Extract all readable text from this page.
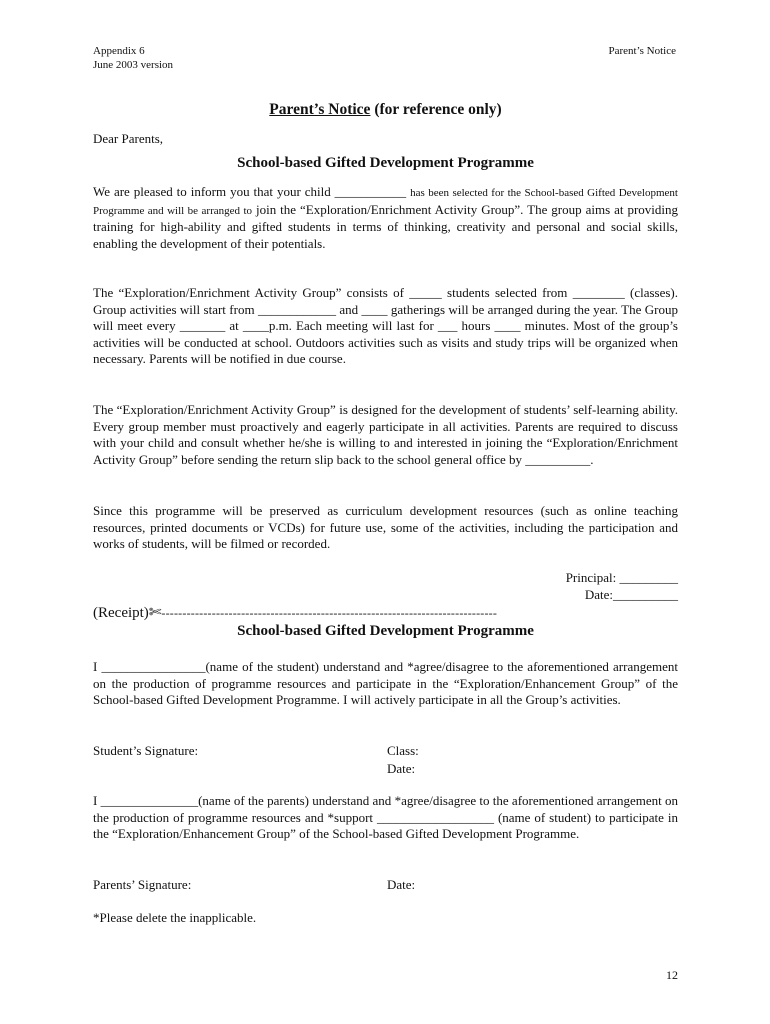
Appendix 6
June 2003 version
Parent’s Notice
Parent’s Notice (for reference only)
Dear Parents,
School-based Gifted Development Programme
We are pleased to inform you that your child ___________ has been selected for the School-based Gifted Development Programme and will be arranged to join the “Exploration/Enrichment Activity Group”. The group aims at providing training for high-ability and gifted students in terms of thinking, creativity and personal and social skills, enabling the development of their potentials.
The “Exploration/Enrichment Activity Group” consists of _____ students selected from ________ (classes). Group activities will start from ____________ and ____ gatherings will be arranged during the year. The Group will meet every _______ at ____p.m. Each meeting will last for ___ hours ____ minutes. Most of the group’s activities will be conducted at school. Outdoors activities such as visits and study trips will be organized when necessary. Parents will be notified in due course.
The “Exploration/Enrichment Activity Group” is designed for the development of students’ self-learning ability. Every group member must proactively and eagerly participate in all activities. Parents are required to discuss with your child and consult whether he/she is willing to and interested in joining the “Exploration/Enrichment Activity Group” before sending the return slip back to the school general office by __________.
Since this programme will be preserved as curriculum development resources (such as online teaching resources, printed documents or VCDs) for future use, some of the activities, including the participation and works of students, will be filmed or recorded.
Principal: _________
Date:__________
(Receipt)✄--------------------------------------------------------------------------------
School-based Gifted Development Programme
I ________________(name of the student) understand and *agree/disagree to the aforementioned arrangement on the production of programme resources and participate in the “Exploration/Enhancement Group” of the School-based Gifted Development Programme. I will actively participate in all the Group’s activities.
Student’s Signature:	Class:
Date:
I _______________(name of the parents) understand and *agree/disagree to the aforementioned arrangement on the production of programme resources and *support __________________ (name of student) to participate in the “Exploration/Enhancement Group” of the School-based Gifted Development Programme.
Parents’ Signature:	Date:
*Please delete the inapplicable.
12
